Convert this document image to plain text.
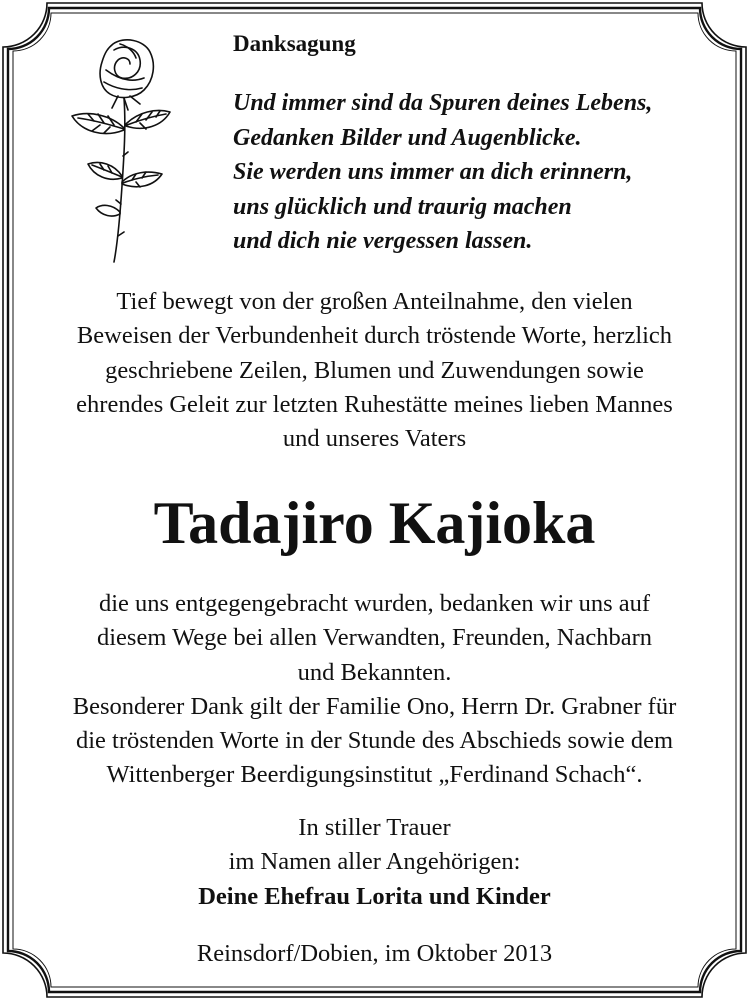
Danksagung
Und immer sind da Spuren deines Lebens,
Gedanken Bilder und Augenblicke.
Sie werden uns immer an dich erinnern,
uns glücklich und traurig machen
und dich nie vergessen lassen.
Tief bewegt von der großen Anteilnahme, den vielen
Beweisen der Verbundenheit durch tröstende Worte, herzlich
geschriebene Zeilen, Blumen und Zuwendungen sowie
ehrendes Geleit zur letzten Ruhestätte meines lieben Mannes
und unseres Vaters
Tadajiro Kajioka
die uns entgegengebracht wurden, bedanken wir uns auf
diesem Wege bei allen Verwandten, Freunden, Nachbarn
und Bekannten.
Besonderer Dank gilt der Familie Ono, Herrn Dr. Grabner für
die tröstenden Worte in der Stunde des Abschieds sowie dem
Wittenberger Beerdigungsinstitut „Ferdinand Schach“.
In stiller Trauer
im Namen aller Angehörigen:
Deine Ehefrau Lorita und Kinder
Reinsdorf/Dobien, im Oktober 2013
